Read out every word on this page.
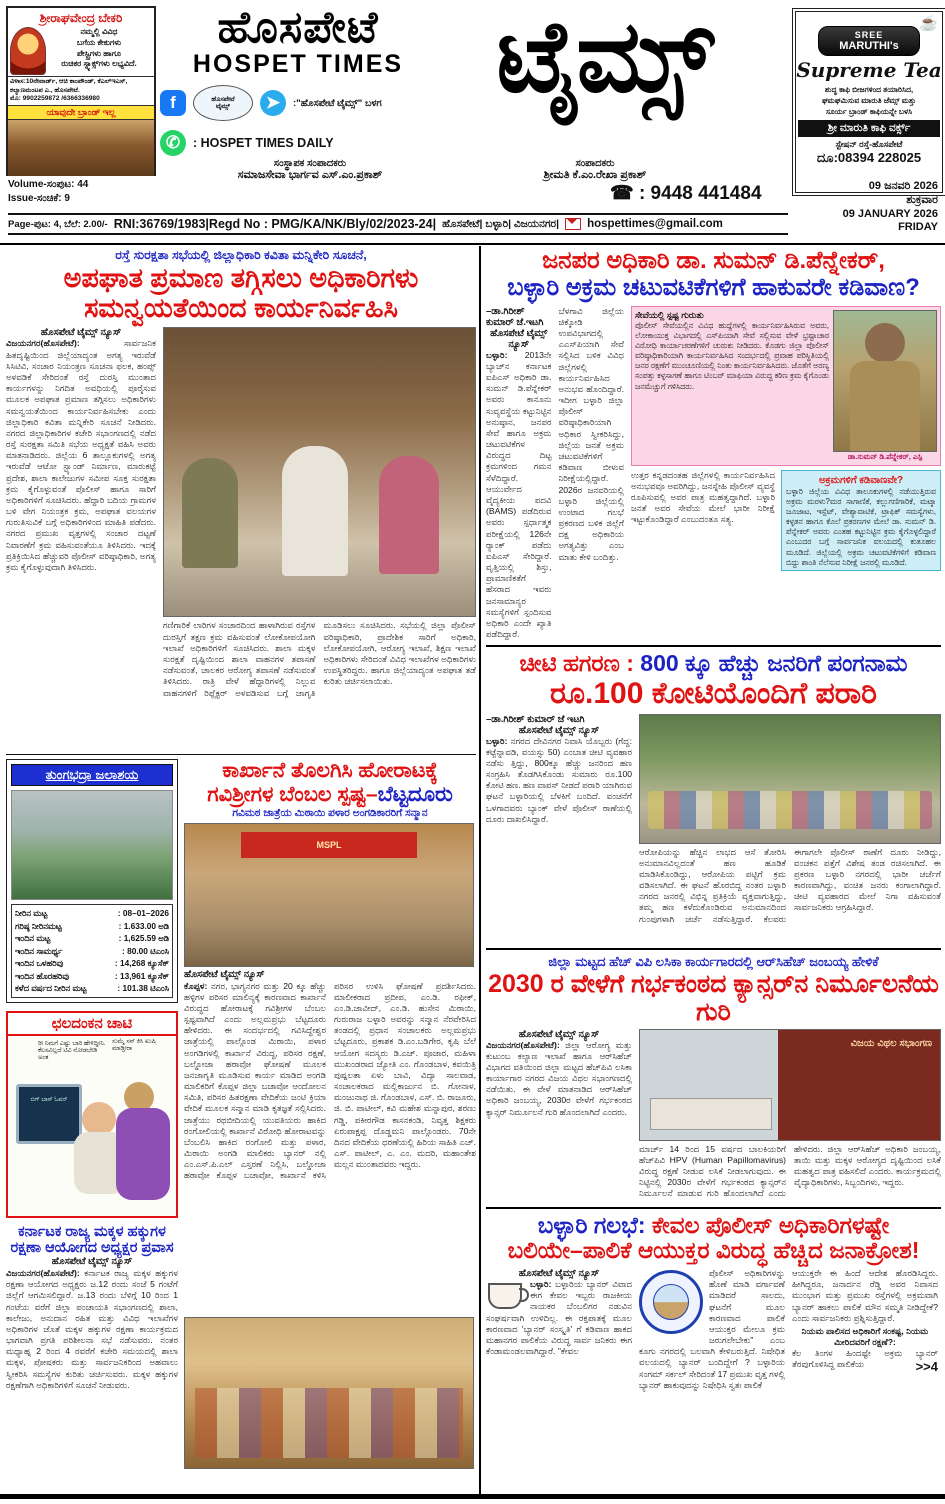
ಶ್ರೀರಾಘವೇಂದ್ರ ಬೇಕರಿ
ನಮ್ಮಲ್ಲಿ ವಿವಿಧ
ಬಗೆಯ ಕೇಕುಗಳು
ಪೇಸ್ಟ್ರಿಗಳು ಹಾಗೂ
ರುಚಿಕರ ಸ್ನ್ಯಾಕ್ಸ್‌ಗಳು ಲಭ್ಯವಿದೆ.
ವಿಳಾಸ:10ನೇವಾರ್ಡ್, ಆಚಿ ಕಾಂಪೌಂಡ್, ಕೆಎಲ್‌ಇಎಸ್, ಕಲ್ಯಾಣಮಂಟಪ ಎ., ಹೊಸಪೇಟೆ.
ಮೊ: 9902259872 /6366336980
ಯಾವುದೇ ಬ್ರಾಂಡ್ ಇಲ್ಲ
ಹೊಸಪೇಟೆ
HOSPET TIMES
f	ಹೊಸಪೇಟೆ
ಟೈಮ್ಸ್	➤	:"ಹೊಸಪೇಟೆ ಟೈಮ್ಸ್" ಬಳಗ
✆	: HOSPET TIMES DAILY
ಟೈಮ್ಸ್	☕
SREE
MARUTHI's
Supreme Tea
ಶುದ್ಧ ಕಾಫಿ ಬೀಜಗಳಿಂದ ತಯಾರಿಸಿದ,
ಘಮಘಮಿಸುವ ಮಾರುತಿ ಜೆಮ್ಸ್ ಮತ್ತು
ಸೂರ್ಯ ಬ್ರಾಂಡ್ ಕಾಫಿಯನ್ನೇ ಬಳಸಿ
ಶ್ರೀ ಮಾರುತಿ ಕಾಫಿ ವರ್ಕ್ಸ್
ಸ್ಟೇಷನ್ ರಸ್ತೆ-ಹೊಸಪೇಟೆ
ದೂ:08394 228025
ಸಂಸ್ಥಾಪಕ ಸಂಪಾದಕರು
ಸಮಾಜಸೇವಾ ಭಾರ್ಗವ ಎಸ್.ಎಂ.ಪ್ರಕಾಶ್
ಸಂಪಾದಕರು
ಶ್ರೀಮತಿ ಕೆ.ಎಂ.ರೇಖಾ ಪ್ರಕಾಶ್
☎ : 9448 441484	09 ಜನವರಿ 2026
ಶುಕ್ರವಾರ
09 JANUARY 2026
FRIDAY
Volume-ಸಂಪುಟ: 44
Issue-ಸಂಚಿಕೆ: 9
Page-ಪುಟ: 4, ಬೆಲೆ: 2.00/- RNI:36769/1983|Regd No : PMG/KA/NK/Bly/02/2023-24| ಹೊಸಪೇಟೆ| ಬಳ್ಳಾರಿ| ವಿಜಯನಗರ| hospettimes@gmail.com
ರಸ್ತೆ ಸುರಕ್ಷತಾ ಸಭೆಯಲ್ಲಿ ಜಿಲ್ಲಾಧಿಕಾರಿ ಕವಿತಾ ಮನ್ನಿಕೇರಿ ಸೂಚನೆ,
ಅಪಘಾತ ಪ್ರಮಾಣ ತಗ್ಗಿಸಲು ಅಧಿಕಾರಿಗಳು
ಸಮನ್ವಯತೆಯಿಂದ ಕಾರ್ಯನಿರ್ವಹಿಸಿ
ಹೊಸಪೇಟೆ ಟೈಮ್ಸ್ ನ್ಯೂಸ್
ವಿಜಯನಗರ(ಹೊಸಪೇಟೆ):	ಸಾರ್ವಜನಿಕ ಹಿತದೃಷ್ಟಿಯಿಂದ ಜಿಲ್ಲೆಯಾದ್ಯಂತ ಅಗತ್ಯ ಇರುವೆಡೆ ಸಿಸಿಟಿವಿ, ಸಂಚಾರ ನಿಯಂತ್ರಣ ಸೂಚನಾ ಫಲಕ, ಹಂಪ್ಸ್ ಅಳವಡಿಕೆ ಸೇರಿದಂತೆ ರಸ್ತೆ ದುರಸ್ತಿ ಮುಂತಾದ ಕಾರ್ಯಗಳನ್ನು ನಿಗದಿತ ಅವಧಿಯಲ್ಲಿ ಪೂರೈಸುವ ಮೂಲಕ ಅಪಘಾತ ಪ್ರಮಾಣ ತಗ್ಗಿಸಲು ಅಧಿಕಾರಿಗಳು ಸಮನ್ವಯತೆಯಿಂದ ಕಾರ್ಯನಿರ್ವಹಿಸಬೇಕು ಎಂದು ಜಿಲ್ಲಾಧಿಕಾರಿ ಕವಿತಾ ಮನ್ನಿಕೇರಿ ಸೂಚನೆ ನೀಡಿದರು. ನಗರದ ಜಿಲ್ಲಾಧಿಕಾರಿಗಳ ಕಚೇರಿ ಸಭಾಂಗಣದಲ್ಲಿ ನಡೆದ ರಸ್ತೆ ಸುರಕ್ಷತಾ ಸಮಿತಿ ಸಭೆಯ ಅಧ್ಯಕ್ಷತೆ ವಹಿಸಿ ಅವರು ಮಾತನಾಡಿದರು. ಜಿಲ್ಲೆಯ 6 ತಾಲ್ಲೂಕುಗಳಲ್ಲಿ ಅಗತ್ಯ ಇರುವೆಡೆ ಆಟೋ ಸ್ಟ್ಯಾಂಡ್ ನಿರ್ಮಾಣ, ಮಾರುಕಟ್ಟೆ ಪ್ರದೇಶ, ಶಾಲಾ ಕಾಲೇಜುಗಳ ಸಮೀಪ ಸೂಕ್ತ ಸುರಕ್ಷತಾ ಕ್ರಮ ಕೈಗೊಳ್ಳುವಂತೆ ಪೊಲೀಸ್ ಹಾಗೂ ಸಾರಿಗೆ ಅಧಿಕಾರಿಗಳಿಗೆ ಸೂಚಿಸಿದರು. ಹೆದ್ದಾರಿ ಬದಿಯ ಗ್ರಾಮಗಳ ಬಳಿ ವೇಗ ನಿಯಂತ್ರಕ ಕ್ರಮ, ಅಪಘಾತ ವಲಯಗಳ ಗುರುತಿಸುವಿಕೆ ಬಗ್ಗೆ ಅಧಿಕಾರಿಗಳಿಂದ ಮಾಹಿತಿ ಪಡೆದರು. ನಗರದ ಪ್ರಮುಖ ವೃತ್ತಗಳಲ್ಲಿ ಸಂಚಾರ ದಟ್ಟಣೆ ನಿವಾರಣೆಗೆ ಕ್ರಮ ವಹಿಸುವಂತೆಯೂ ತಿಳಿಸಿದರು. ಇದಕ್ಕೆ ಪ್ರತಿಕ್ರಿಯಿಸಿದ ಹೆಚ್ಚುವರಿ ಪೊಲೀಸ್ ವರಿಷ್ಠಾಧಿಕಾರಿ, ಅಗತ್ಯ ಕ್ರಮ ಕೈಗೊಳ್ಳುವುದಾಗಿ ತಿಳಿಸಿದರು.
ಗಣಿಗಾರಿಕೆ ಲಾರಿಗಳ ಸಂಚಾರದಿಂದ ಹಾಳಾಗಿರುವ ರಸ್ತೆಗಳ ದುರಸ್ತಿಗೆ ತಕ್ಷಣ ಕ್ರಮ ವಹಿಸುವಂತೆ ಲೋಕೋಪಯೋಗಿ ಇಲಾಖೆ ಅಧಿಕಾರಿಗಳಿಗೆ ಸೂಚಿಸಿದರು. ಶಾಲಾ ಮಕ್ಕಳ ಸುರಕ್ಷತೆ ದೃಷ್ಟಿಯಿಂದ ಶಾಲಾ ವಾಹನಗಳ ತಪಾಸಣೆ ನಡೆಸುವಂತೆ, ಚಾಲಕರ ಆರೋಗ್ಯ ತಪಾಸಣೆ ನಡೆಸುವಂತೆ ತಿಳಿಸಿದರು. ರಾತ್ರಿ ವೇಳೆ ಹೆದ್ದಾರಿಗಳಲ್ಲಿ ನಿಲ್ಲುವ ವಾಹನಗಳಿಗೆ ರಿಫ್ಲೆಕ್ಟರ್ ಅಳವಡಿಸುವ ಬಗ್ಗೆ ಜಾಗೃತಿ ಮೂಡಿಸಲು ಸೂಚಿಸಿದರು. ಸಭೆಯಲ್ಲಿ ಜಿಲ್ಲಾ ಪೊಲೀಸ್ ವರಿಷ್ಠಾಧಿಕಾರಿ, ಪ್ರಾದೇಶಿಕ ಸಾರಿಗೆ ಅಧಿಕಾರಿ, ಲೋಕೋಪಯೋಗಿ, ಆರೋಗ್ಯ ಇಲಾಖೆ, ಶಿಕ್ಷಣ ಇಲಾಖೆ ಅಧಿಕಾರಿಗಳು ಸೇರಿದಂತೆ ವಿವಿಧ ಇಲಾಖೆಗಳ ಅಧಿಕಾರಿಗಳು ಉಪಸ್ಥಿತರಿದ್ದರು. ಹಾಗೂ ಜಿಲ್ಲೆಯಾದ್ಯಂತ ಅಪಘಾತ ತಡೆ ಕುರಿತು ಚರ್ಚಿಸಲಾಯಿತು.
ತುಂಗಭದ್ರಾ ಜಲಾಶಯ
ನೀರಿನ ಮಟ್ಟ	: 08–01–2026
ಗರಿಷ್ಠ ನೀರಿನಮಟ್ಟ	: 1.633.00 ಅಡಿ
ಇಂದಿನ ಮಟ್ಟ	: 1,625.59 ಅಡಿ
ಇಂದಿನ ಸಾಮರ್ಥ್ಯ	: 80.00 ಟಿಎಂಸಿ
ಇಂದಿನ ಒಳಹರಿವು	: 14,268 ಕ್ಯೂಸೆಕ್
ಇಂದಿನ ಹೊರಹರಿವು	: 13,961 ಕ್ಯೂಸೆಕ್
ಕಳೆದ ವರ್ಷದ ನೀರಿನ ಮಟ್ಟ	: 101.38 ಟಿಎಂಸಿ
ಛಲದಂಕನ ಚಾಟಿ
ರೀ ನಿಮಗೆ ಎಷ್ಟು ಬಾರಿ ಹೇಳಿದ್ದೀನಿ. ಕೆಲಸವಿಲ್ಲದೆ ಟಿವಿ ನೋಡಬೇಡಿ ಅಂತ
ಸುಮ್ಮೆ ಸನ್ ಕಿಸಿ ಖುಷಿ ಮಾಡ್ತೀರಾ
ಬಿಗ್ ಬಾಸ್ ಓಪನ್
ಕರ್ನಾಟಕ ರಾಜ್ಯ ಮಕ್ಕಳ ಹಕ್ಕುಗಳ ರಕ್ಷಣಾ ಆಯೋಗದ ಅಧ್ಯಕ್ಷರ ಪ್ರವಾಸ
ಹೊಸಪೇಟೆ ಟೈಮ್ಸ್ ನ್ಯೂಸ್
ವಿಜಯನಗರ(ಹೊಸಪೇಟೆ): ಕರ್ನಾಟಕ ರಾಜ್ಯ ಮಕ್ಕಳ ಹಕ್ಕುಗಳ ರಕ್ಷಣಾ ಆಯೋಗದ ಅಧ್ಯಕ್ಷರು ಜ.12 ರಂದು ಸಂಜೆ 5 ಗಂಟೆಗೆ ಜಿಲ್ಲೆಗೆ ಆಗಮಿಸಲಿದ್ದಾರೆ. ಜ.13 ರಂದು ಬೆಳಿಗ್ಗೆ 10 ರಿಂದ 1 ಗಂಟೆಯ ವರೆಗೆ ಜಿಲ್ಲಾ ಪಂಚಾಯತಿ ಸಭಾಂಗಣದಲ್ಲಿ ಶಾಲಾ, ಕಾಲೇಜು, ಅನುದಾನ ರಹಿತ ಮತ್ತು ವಿವಿಧ ಇಲಾಖೆಗಳ ಅಧಿಕಾರಿಗಳ ಜೊತೆ ಮಕ್ಕಳ ಹಕ್ಕುಗಳ ರಕ್ಷಣಾ ಕಾರ್ಯಕ್ರಮದ ಭಾಗವಾಗಿ ಪ್ರಗತಿ ಪರಿಶೀಲನಾ ಸಭೆ ನಡೆಸುವರು. ನಂತರ ಮಧ್ಯಾಹ್ನ 2 ರಿಂದ 4 ರವರೆಗೆ ಕಚೇರಿ ಸಮಯದಲ್ಲಿ ಶಾಲಾ ಮಕ್ಕಳ, ಪೋಷಕರು ಮತ್ತು ಸಾರ್ವಜನಿಕರಿಂದ ಅಹವಾಲು ಸ್ವೀಕರಿಸಿ ಸಮಸ್ಯೆಗಳ ಕುರಿತು ಚರ್ಚಿಸುವರು. ಮಕ್ಕಳ ಹಕ್ಕುಗಳ ರಕ್ಷಣೆಗಾಗಿ ಅಧಿಕಾರಿಗಳಿಗೆ ಸೂಚನೆ ನೀಡುವರು.
ಕಾರ್ಖಾನೆ ತೊಲಗಿಸಿ ಹೋರಾಟಕ್ಕೆ
ಗವಿಶ್ರೀಗಳ ಬೆಂಬಲ ಸ್ಪಷ್ಟ–ಬೆಟ್ಟದೂರು
ಗವಿಮಠ ಜಾತ್ರೆಯ ಮಿಠಾಯಿ ಪಳಾರ ಅಂಗಡಿಕಾರರಿಗೆ ಸನ್ಮಾನ
MSPL
ಹೊಸಪೇಟೆ ಟೈಮ್ಸ್ ನ್ಯೂಸ್
ಕೊಪ್ಪಳ: ನಗರ, ಭಾಗ್ಯನಗರ ಮತ್ತು 20 ಕ್ಕೂ ಹೆಚ್ಚು ಹಳ್ಳಿಗಳ ಪರಿಸರ ಮಾಲಿನ್ಯಕ್ಕೆ ಕಾರಣವಾದ ಕಾರ್ಖಾನೆ ವಿರುದ್ಧದ ಹೋರಾಟಕ್ಕೆ ಗವಿಶ್ರೀಗಳ ಬೆಂಬಲ ಸ್ಪಷ್ಟವಾಗಿದೆ ಎಂದು ಅಲ್ಲಮಪ್ರಭು ಬೆಟ್ಟದೂರು ಹೇಳಿದರು. ಈ ಸಂದರ್ಭದಲ್ಲಿ ಗವಿಸಿದ್ಧೇಶ್ವರ ಜಾತ್ರೆಯಲ್ಲಿ ಪಾಲ್ಗೊಂಡ ಮಿಠಾಯಿ, ಪಳಾರ ಅಂಗಡಿಗಳಲ್ಲಿ ಕಾರ್ಖಾನೆ ವಿರುದ್ಧ, ಪರಿಸರ ರಕ್ಷಣೆ, ಬಲ್ಡೋಜಾ ಹಠಾವೋ ಘೋಷಣೆ ಮೂಲಕ ಜನಜಾಗೃತಿ ಮೂಡಿಸುವ ಕಾರ್ಯ ಮಾಡಿದ ಅಂಗಡಿ ಮಾಲಿಕರಿಗೆ ಕೊಪ್ಪಳ ಜಿಲ್ಲಾ ಬಚಾವೋ ಆಂದೋಲನ ಸಮಿತಿ, ಪರಿಸರ ಹಿತರಕ್ಷಣಾ ವೇದಿಕೆಯ ಜಂಟಿ ಕ್ರಿಯಾ ವೇದಿಕೆ ಮೂಲಕ ಸನ್ಮಾನ ಮಾಡಿ ಕೃತಜ್ಞತೆ ಸಲ್ಲಿಸಿದರು. ಜಾತ್ರೆಯು ರಥಬೀದಿಯಲ್ಲಿ ಯುವತಿಯರು ಹಾಕಿದ ರಂಗೋಲಿಯಲ್ಲಿ ಕಾರ್ಖಾನೆ ವಿರೋಧಿ ಹೋರಾಟವನ್ನು ಬೆಂಬಲಿಸಿ ಹಾಕಿದ ರಂಗೋಲಿ ಮತ್ತು ಪಳಾರ, ಮಿಠಾಯಿ ಅಂಗಡಿ ಮಾಲಿಕರು ಬ್ಯಾನರ್ ನಲ್ಲಿ ಎಂ.ಎಸ್.ಪಿ.ಎಲ್ ಎಸ್ತರಣೆ ನಿಲ್ಲಿಸಿ, ಬಲ್ಡೋಜಾ ಹಠಾವೋ ಕೊಪ್ಪಳ ಬಚಾವೋ, ಕಾರ್ಖಾನೆ ಕಳಿಸಿ ಪರಿಸರ ಉಳಿಸಿ ಘೋಷಣೆ ಪ್ರದರ್ಶಿಸಿದರು. ಮಾಲೀಕರಾದ ಪ್ರದೀಪ, ಎಂ.ಡಿ. ರಫೀಕ್, ಎಂ.ಡಿ.ಜಾವೀದ್, ಎಂ.ಡಿ. ಹುಸೇನ ಮಿಠಾಯಿ, ಗುರುರಾಜ ಬಳ್ಳಾರಿ ಅವರನ್ನು ಸನ್ಮಾನ ನೆರವೇರಿಸಿದ ತಂಡದಲ್ಲಿ ಪ್ರಧಾನ ಸಂಚಾಲಕರು ಅಲ್ಲಮಪ್ರಭು ಬೆಟ್ಟದೂರು, ಪ್ರಕಾಶಕ ಡಿ.ಎಂ.ಬಡಿಗೇರ, ಕೃಷಿ ಬೆಲೆ ಆಯೋಗ ಸದಸ್ಯರು ಡಿ.ಎಚ್. ಪೂಜಾರ, ಮಹಿಳಾ ಮುಖಂಡರಾದ ಜ್ಯೋತಿ ಎಂ. ಗೊಂಡಬಾಳ, ಕವಯಿತ್ರಿ ಪುಷ್ಪಲತಾ ಏಳು ಬಾವಿ, ವಿದ್ಯಾ ಸಾಲವಾಡ, ಸಂಚಾಲಕರಾದ ಮಲ್ಲಿಕಾರ್ಜುನ ಬಿ. ಗೋನಾಳ, ಮಂಜುನಾಥ ಜಿ. ಗೊಂಡಬಾಳ, ಎಸ್. ಬಿ. ರಾಜೂರು, ಜಿ. ಬಿ. ಪಾಟೀಲ್, ಕವಿ ಮಹೇಶ ಮನ್ನಾಪುರ, ಶರಣು ಗಡ್ಡಿ, ಪಕೀರಗೌಡ ಕಾಸನಕಂಡಿ, ನಿವೃತ್ತ ಶಿಕ್ಷಕರು ಏರುಪಾಕ್ಷಪ್ಪ ದೊಡ್ಡಮನಿ ಪಾಲ್ಗೊಂಡರು. 70ನೇ ದಿನದ ವೇದಿಕೆಯ ಧರಣೆಯಲ್ಲಿ ಹಿರಿಯ ಸಾಹಿತಿ ಎಚ್. ಎಸ್. ಪಾಟೀಲ್, ಎ. ಎಂ. ಮದರಿ, ಮಹಾಂತೇಶ ಮಲ್ಲನ ಮುಂತಾದವರು ಇದ್ದರು.
ಜನಪರ ಅಧಿಕಾರಿ ಡಾ. ಸುಮನ್ ಡಿ.ಪೆನ್ನೇಕರ್,
ಬಳ್ಳಾರಿ ಅಕ್ರಮ ಚಟುವಟಿಕೆಗಳಿಗೆ ಹಾಕುವರೇ ಕಡಿವಾಣ?
–ಡಾ.ಗಿರೀಶ್ ಕುಮಾರ್ ಜೆ.ಇಟಗಿ
ಹೊಸಪೇಟೆ ಟೈಮ್ಸ್ ನ್ಯೂಸ್
ಬಳ್ಳಾರಿ: 2013ನೇ ಬ್ಯಾಚ್‌ನ ಕರ್ನಾಟಕ ಐಪಿಎಸ್ ಅಧಿಕಾರಿ ಡಾ. ಸುಮನ್ ಡಿ.ಪೆನ್ನೇಕರ್ ಅವರು ಕಾನೂನು ಸುವ್ಯವಸ್ಥೆಯ ಕಟ್ಟುನಿಟ್ಟಿನ ಅನುಷ್ಠಾನ, ಜನಪರ ಸೇವೆ ಹಾಗೂ ಅಕ್ರಮ ಚಟುವಟಿಕೆಗಳ ವಿರುದ್ಧದ ದಿಟ್ಟ ಕ್ರಮಗಳಿಂದ ಗಮನ ಸೆಳೆದಿದ್ದಾರೆ. ಆಯುರ್ವೇದ ವೈದ್ಯಕೀಯ ಪದವಿ (BAMS) ಪಡೆದಿರುವ ಅವರು ಸ್ಪರ್ಧಾತ್ಮಕ ಪರೀಕ್ಷೆಯಲ್ಲಿ 126ನೇ ರ‍್ಯಾಂಕ್ ಪಡೆದು ಐಪಿಎಸ್ ಸೇರಿದ್ದಾರೆ. ವೃತ್ತಿಯಲ್ಲಿ ಶಿಸ್ತು, ಪ್ರಾಮಾಣಿಕತೆಗೆ ಹೆಸರಾದ ಇವರು ಜನಸಾಮಾನ್ಯರ ಸಮಸ್ಯೆಗಳಿಗೆ ಸ್ಪಂದಿಸುವ ಅಧಿಕಾರಿ ಎಂದೇ ಖ್ಯಾತಿ ಪಡೆದಿದ್ದಾರೆ.
ಬೆಳಗಾವಿ ಜಿಲ್ಲೆಯ ಚಿಕ್ಕೋಡಿ ಉಪವಿಭಾಗದಲ್ಲಿ ಎಎಸ್‌ಪಿಯಾಗಿ ಸೇವೆ ಸಲ್ಲಿಸಿದ ಬಳಿಕ ವಿವಿಧ ಜಿಲ್ಲೆಗಳಲ್ಲಿ ಕಾರ್ಯನಿರ್ವಹಿಸಿದ ಅನುಭವ ಹೊಂದಿದ್ದಾರೆ. ಇದೀಗ ಬಳ್ಳಾರಿ ಜಿಲ್ಲಾ ಪೊಲೀಸ್ ವರಿಷ್ಠಾಧಿಕಾರಿಯಾಗಿ ಅಧಿಕಾರ ಸ್ವೀಕರಿಸಿದ್ದು, ಜಿಲ್ಲೆಯ ಜನತೆ ಅಕ್ರಮ ಚಟುವಟಿಕೆಗಳಿಗೆ ಕಡಿವಾಣ ಬೀಳುವ ನಿರೀಕ್ಷೆಯಲ್ಲಿದ್ದಾರೆ. 2026ರ ಜನವರಿಯಲ್ಲಿ ಬಳ್ಳಾರಿ ಜಿಲ್ಲೆಯಲ್ಲಿ ಉಂಟಾದ ಗಲಭೆ ಪ್ರಕರಣದ ಬಳಿಕ ಜಿಲ್ಲೆಗೆ ದಕ್ಷ ಅಧಿಕಾರಿಯ ಅಗತ್ಯವಿತ್ತು ಎಂಬ ಮಾತು ಕೇಳಿ ಬಂದಿತ್ತು.
ಸೇವೆಯಲ್ಲಿ ಸ್ಪಷ್ಟ ಗುರುತು
ಪೊಲೀಸ್ ಸೇವೆಯಲ್ಲಿನ ವಿವಿಧ ಹುದ್ದೆಗಳಲ್ಲಿ ಕಾರ್ಯನಿರ್ವಹಿಸಿರುವ ಅವರು, ಲೋಕಾಯುಕ್ತ ವಿಭಾಗದಲ್ಲಿ ಎಸ್‌ಪಿಯಾಗಿ ಸೇವೆ ಸಲ್ಲಿಸುವ ವೇಳೆ ಭ್ರಷ್ಟಾಚಾರ ವಿರೋಧಿ ಕಾರ್ಯಾಚರಣೆಗಳಿಗೆ ಚುರುಕು ನೀಡಿದರು. ಕೊಡಗು ಜಿಲ್ಲಾ ಪೊಲೀಸ್ ವರಿಷ್ಠಾಧಿಕಾರಿಯಾಗಿ ಕಾರ್ಯನಿರ್ವಹಿಸಿದ ಸಂದರ್ಭದಲ್ಲಿ ಪ್ರವಾಹ ಪರಿಸ್ಥಿತಿಯಲ್ಲಿ ಜನರ ರಕ್ಷಣೆಗೆ ಮುಂಚೂಣಿಯಲ್ಲಿ ನಿಂತು ಕಾರ್ಯನಿರ್ವಹಿಸಿದರು. ಜೊತೆಗೆ ಅರಣ್ಯ ಸಂಪತ್ತು ಕಳ್ಳಸಾಗಣೆ ಹಾಗೂ ಟಿಂಬರ್ ಮಾಫಿಯಾ ವಿರುದ್ಧ ಕಠಿಣ ಕ್ರಮ ಕೈಗೊಂಡು ಜನಮೆಚ್ಚುಗೆ ಗಳಿಸಿದರು.
ಡಾ.ಸುಮನ್ ಡಿ.ಪೆನ್ನೇಕರ್, ಎಸ್ಪಿ
ಉತ್ತರ ಕನ್ನಡದಂತಹ ಜಿಲ್ಲೆಗಳಲ್ಲಿ ಕಾರ್ಯನಿರ್ವಹಿಸಿದ ಅನುಭವವೂ ಅವರಿಗಿದ್ದು, ಜನಸ್ನೇಹಿ ಪೊಲೀಸ್ ವ್ಯವಸ್ಥೆ ರೂಪಿಸುವಲ್ಲಿ ಅವರ ಪಾತ್ರ ಮಹತ್ವದ್ದಾಗಿದೆ. ಬಳ್ಳಾರಿ ಜನತೆ ಅವರ ಸೇವೆಯ ಮೇಲೆ ಭಾರೀ ನಿರೀಕ್ಷೆ ಇಟ್ಟುಕೊಂಡಿದ್ದಾರೆ ಎಂಬುದಂತೂ ಸತ್ಯ.
ಅಕ್ರಮಗಳಿಗೆ ಕಡಿವಾಣವೇ?
ಬಳ್ಳಾರಿ ಜಿಲ್ಲೆಯ ವಿವಿಧ ತಾಲೂಕುಗಳಲ್ಲಿ ನಡೆಯುತ್ತಿರುವ ಅಕ್ರಮ ಮರಳು?ಮರ ಸಾಗಾಣಿಕೆ, ಕಲ್ಲುಗಣಿಗಾರಿಕೆ, ಮಟ್ಕಾ ಜೂಜಾಟ, ಇಸ್ಪೆಟ್, ವೇಶ್ಯಾವಾಟಿಕೆ, ಟ್ರಾಫಿಕ್ ಸಮಸ್ಯೆಗಳು, ಕಳ್ಳತನ ಹಾಗೂ ಕೊಲೆ ಪ್ರಕರಣಗಳ ಮೇಲೆ ಡಾ. ಸುಮನ್ ಡಿ. ಪೆನ್ನೇಕರ್ ಅವರು ಎಂತಹ ಕಟ್ಟುನಿಟ್ಟಿನ ಕ್ರಮ ಕೈಗೊಳ್ಳಲಿದ್ದಾರೆ ಎಂಬುದರ ಬಗ್ಗೆ ಸಾರ್ವಜನಿಕ ವಲಯದಲ್ಲಿ ಕುತೂಹಲ ಮೂಡಿದೆ. ಜಿಲ್ಲೆಯಲ್ಲಿ ಅಕ್ರಮ ಚಟುವಟಿಕೆಗಳಿಗೆ ಕಡಿವಾಣ ಬಿದ್ದು ಶಾಂತಿ ನೆಲೆಸುವ ನಿರೀಕ್ಷೆ ಜನರಲ್ಲಿ ಮೂಡಿದೆ.
ಚೀಟಿ ಹಗರಣ : 800 ಕ್ಕೂ ಹೆಚ್ಚು ಜನರಿಗೆ ಪಂಗನಾಮ
ರೂ.100 ಕೋಟಿಯೊಂದಿಗೆ ಪರಾರಿ
–ಡಾ.ಗಿರೀಶ್ ಕುಮಾರ್ ಜೆ ಇಟಗಿ
ಹೊಸಪೇಟೆ ಟೈಮ್ಸ್ ನ್ಯೂಸ್
ಬಳ್ಳಾರಿ: ನಗರದ ದೇವಿನಗರ ನಿವಾಸಿ ಯೊಬ್ಬರು (ಗೆದ್ದ: ಕಟ್ಟೆನ್ನಾವಡಿ, ವಯಸ್ಸು 50) ಎಂಬಾತ ಚೀಟಿ ವ್ಯವಹಾರ ನಡೆಸು ತ್ತಿದ್ದು, 800ಕ್ಕೂ ಹೆಚ್ಚು ಜನರಿಂದ ಹಣ ಸಂಗ್ರಹಿಸಿ ತೊಡಗಿಸಿಕೊಂಡು ಸುಮಾರು ರೂ.100 ಕೋಟಿ ಹಣ. ಹಣ ವಾಪಸ್ ನೀಡದೆ ಪರಾರಿ ಯಾಗಿರುವ ಘಟನೆ ಬಳ್ಳಾರಿಯಲ್ಲಿ ಬೆಳಕಿಗೆ ಬಂದಿದೆ. ವಂಚನೆಗೆ ಒಳಗಾದವರು ಬ್ಯಾಂಕ್ ವೇಳೆ ಪೊಲೀಸ್ ಠಾಣೆಯಲ್ಲಿ ದೂರು ದಾಖಲಿಸಿದ್ದಾರೆ.
ಆರೋಪಿಯನ್ನು ಹೆಚ್ಚಿನ ಲಾಭದ ಆಸೆ ತೋರಿಸಿ ಅನುಮಾನವಿಲ್ಲದಂತೆ ಹಣ ಹೂಡಿಕೆ ಮಾಡಿಸಿಕೊಂಡಿದ್ದು, ಆರೋಪಿಯ ಪಟ್ಟಿಗೆ ಕ್ರಮ ವಡಿಸಲಾಗಿದೆ. ಈ ಘಟನೆ ಹೊರಬಿದ್ದ ನಂತರ ಬಳ್ಳಾರಿ ನಗರದ ಜನರಲ್ಲಿ ವಿಭಿನ್ನ ಪ್ರತಿಕ್ರಿಯೆ ವ್ಯಕ್ತವಾಗುತ್ತಿದ್ದು, ತಮ್ಮ ಹಣ ಕಳೆದುಕೊಂಡಿರುವ ಅನುಮಾನದಿಂದ ಗುಂಪುಗಳಾಗಿ ಚರ್ಚೆ ನಡೆಸುತ್ತಿದ್ದಾರೆ. ಕೆಲವರು ಈಗಾಗಲೇ ಪೊಲೀಸ್ ಠಾಣೆಗೆ ದೂರು ನೀಡಿದ್ದು, ವಂಚಕನ ಪತ್ತೆಗೆ ವಿಶೇಷ ತಂಡ ರಚಿಸಲಾಗಿದೆ. ಈ ಪ್ರಕರಣ ಬಳ್ಳಾರಿ ನಗರದಲ್ಲಿ ಭಾರೀ ಚರ್ಚೆಗೆ ಕಾರಣವಾಗಿದ್ದು, ವಂಚಿತ ಜನರು ಕಂಗಾಲಾಗಿದ್ದಾರೆ. ಚೀಟಿ ವ್ಯವಹಾರದ ಮೇಲೆ ನಿಗಾ ವಹಿಸುವಂತೆ ಸಾರ್ವಜನಿಕರು ಆಗ್ರಹಿಸಿದ್ದಾರೆ.
ಜಿಲ್ಲಾ ಮಟ್ಟದ ಹೆಚ್ ವಿಪಿ ಲಸಿಕಾ ಕಾರ್ಯಗಾರದಲ್ಲಿ ಆರ್‌ಸಿಹೆಚ್ ಜಂಬಯ್ಯ ಹೇಳಿಕೆ
2030 ರ ವೇಳೆಗೆ ಗರ್ಭಕಂಠದ ಕ್ಯಾನ್ಸರ್‌ನ ನಿರ್ಮೂಲನೆಯ ಗುರಿ
ಹೊಸಪೇಟೆ ಟೈಮ್ಸ್ ನ್ಯೂಸ್
ವಿಜಯನಗರ(ಹೊಸಪೇಟೆ): ಜಿಲ್ಲಾ ಆರೋಗ್ಯ ಮತ್ತು ಕುಟುಂಬ ಕಲ್ಯಾಣ ಇಲಾಖೆ ಹಾಗೂ ಆರ್‌ಸಿಹೆಚ್ ವಿಭಾಗದ ವತಿಯಿಂದ ಜಿಲ್ಲಾ ಮಟ್ಟದ ಹೆಚ್‌ಪಿವಿ ಲಸಿಕಾ ಕಾರ್ಯಾಗಾರ ನಗರದ ವಿಜಯ ವಿಥಲ ಸಭಾಂಗಣದಲ್ಲಿ ನಡೆಯಿತು. ಈ ವೇಳೆ ಮಾತನಾಡಿದ ಆರ್‌ಸಿಹೆಚ್ ಅಧಿಕಾರಿ ಜಂಬಯ್ಯ, 2030ರ ವೇಳೆಗೆ ಗರ್ಭಕಂಠದ ಕ್ಯಾನ್ಸರ್ ನಿರ್ಮೂಲನೆ ಗುರಿ ಹೊಂದಲಾಗಿದೆ ಎಂದರು.
ವಿಜಯ ವಿಥಲ ಸಭಾಂಗಣ
ಮಾರ್ಚ್ 14 ರಿಂದ 15 ವರ್ಷದ ಬಾಲಕಿಯರಿಗೆ ಹೆಚ್‌ಪಿವಿ HPV (Human Papillomavirus) ವಿರುದ್ಧ ರಕ್ಷಣೆ ನೀಡುವ ಲಸಿಕೆ ನೀಡಲಾಗುವುದು. ಈ ನಿಟ್ಟಿನಲ್ಲಿ 2030ರ ವೇಳೆಗೆ ಗರ್ಭಕಂಠದ ಕ್ಯಾನ್ಸರ್‌ನ ನಿರ್ಮೂಲನೆ ಮಾಡುವ ಗುರಿ ಹೊಂದಲಾಗಿದೆ ಎಂದು ಹೇಳಿದರು. ಜಿಲ್ಲಾ ಆರ್‌ಸಿಹೆಚ್ ಅಧಿಕಾರಿ ಜಂಬಯ್ಯ, ತಾಯಿ ಮತ್ತು ಮಕ್ಕಳ ಆರೋಗ್ಯದ ದೃಷ್ಟಿಯಿಂದ ಲಸಿಕೆ ಮಹತ್ವದ ಪಾತ್ರ ವಹಿಸಲಿದೆ ಎಂದರು. ಕಾರ್ಯಕ್ರಮದಲ್ಲಿ ವೈದ್ಯಾಧಿಕಾರಿಗಳು, ಸಿಬ್ಬಂದಿಗಳು, ಇದ್ದರು.
ಬಳ್ಳಾರಿ ಗಲಭೆ: ಕೇವಲ ಪೊಲೀಸ್ ಅಧಿಕಾರಿಗಳಷ್ಟೇ
ಬಲಿಯೇ–ಪಾಲಿಕೆ ಆಯುಕ್ತರ ವಿರುದ್ಧ ಹೆಚ್ಚಿದ ಜನಾಕ್ರೋಶ!
ಹೊಸಪೇಟೆ ಟೈಮ್ಸ್ ನ್ಯೂಸ್
ಬಳ್ಳಾರಿ: ಬಳ್ಳಾರಿಯ ಬ್ಯಾನರ್ ವಿವಾದ ಈಗ ಕೇವಲ ಇಬ್ಬರು ರಾಜಕೀಯ ನಾಯಕರ ಬೆಂಬಲಿಗರ ನಡುವಿನ ಸಂಘರ್ಷವಾಗಿ ಉಳಿದಿಲ್ಲ. ಈ ರಕ್ತಪಾತಕ್ಕೆ ಮೂಲ ಕಾರಣವಾದ 'ಬ್ಯಾನರ್ ಸಂಸ್ಕೃತಿ' ಗೆ ಕಡಿವಾಣ ಹಾಕದ ಮಹಾನಗರ ಪಾಲಿಕೆಯ ವಿರುದ್ಧ ಸಾರ್ವ ಜನಿಕರು ಈಗ ಕೆಂಡಾಮಂಡಲವಾಗಿದ್ದಾರೆ. "ಕೇವಲ
ಪೊಲೀಸ್ ಅಧಿಕಾರಿಗಳನ್ನು ಹೊಣೆ ಮಾಡಿ ವರ್ಗಾವಣೆ ಮಾಡಿದರೆ ಸಾಲದು, ಘಟನೆಗೆ ಮೂಲ ಕಾರಣವಾದ ಪಾಲಿಕೆ ಆಯುಕ್ತರ ಮೇಲೂ ಕ್ರಮ ಜರುಗಲೇಬೇಕು" ಎಂಬ ಕೂಗು ನಗರದಲ್ಲಿ ಬಲವಾಗಿ ಕೇಳಿಬರುತ್ತಿದೆ. ನಿಷೇಧಿತ ವಲಯದಲ್ಲಿ ಬ್ಯಾನರ್ ಬಂದಿದ್ದೇಗೆ ? ಬಳ್ಳಾರಿಯ ಸಂಗಮ್ ಸರ್ಕಲ್ ಸೇರಿದಂತೆ 17 ಪ್ರಮುಖ ವೃತ್ತ ಗಳಲ್ಲಿ ಬ್ಯಾನರ್ ಹಾಕುವುದನ್ನು ನಿಷೇಧಿಸಿ ಸ್ವತಃ ಪಾಲಿಕೆ
ಆಯುಕ್ತರೇ ಈ ಹಿಂದೆ ಆದೇಶ ಹೊರಡಿಸಿದ್ದರು. ಹೀಗಿದ್ದರೂ, ಜನಾರ್ದನ ರೆಡ್ಡಿ ಅವರ ನಿವಾಸದ ಮುಂಭಾಗ ಮತ್ತು ಪ್ರಮುಖ ರಸ್ತೆಗಳಲ್ಲಿ ಅಕ್ರಮವಾಗಿ ಬ್ಯಾನರ್ ಹಾಕಲು ಪಾಲಿಕೆ ಮೌನ ಸಮ್ಮತಿ ನೀಡಿದ್ದೇಕೆ? ಎಂದು ಸಾರ್ವಜನಿಕರು ಪ್ರಶ್ನಿಸುತ್ತಿದ್ದಾರೆ.
ನಿಯಮ ಪಾಲಿಸದ ಅಧಿಕಾರಿಗೆ ಸಂಕಷ್ಟ, ನಿಯಮ ಮೀರಿದವರಿಗೆ ರಕ್ಷಣೆ?:
ಕೆಲ ತಿಂಗಳ ಹಿಂದಷ್ಟೇ ಅಕ್ರಮ ಬ್ಯಾನರ್ ತೆರವುಗೊಳಿಸಿದ್ದ ಪಾಲಿಕೆಯ	>>4
